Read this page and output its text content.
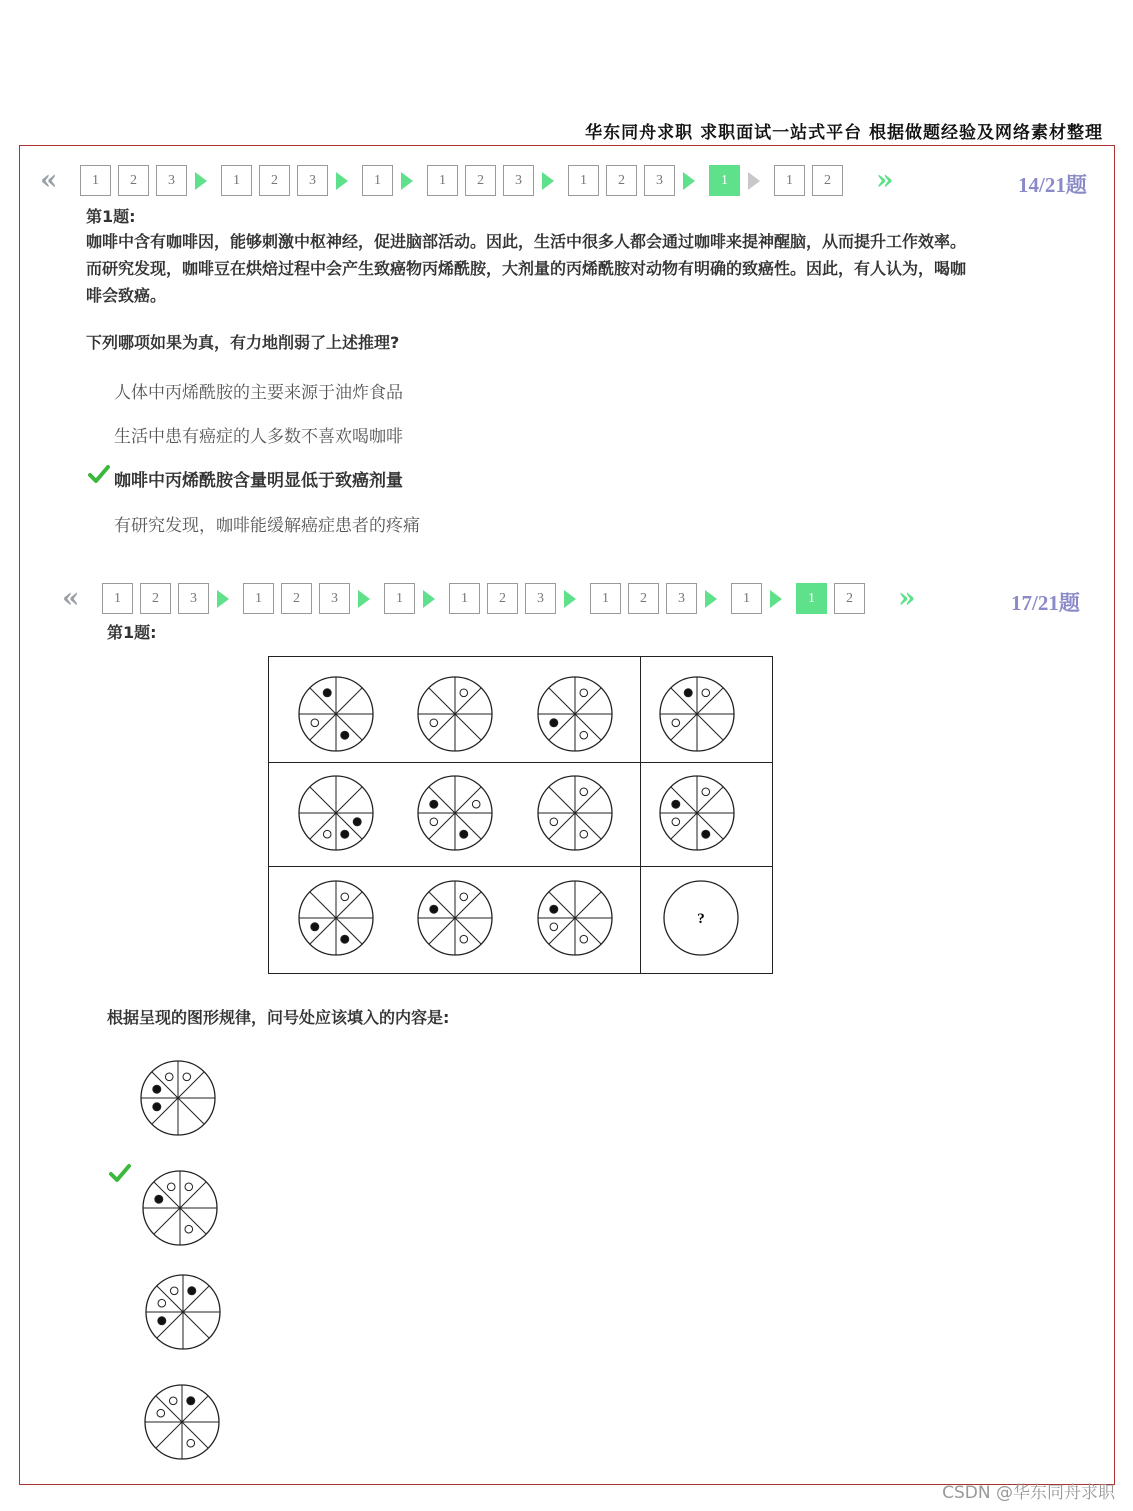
华东同舟求职 求职面试一站式平台 根据做题经验及网络素材整理
«	1	2	3	1	2	3	1	1	2	3	1	2	3	1	1	2	»	14/21题
第1题:
咖啡中含有咖啡因，能够刺激中枢神经，促进脑部活动。因此，生活中很多人都会通过咖啡来提神醒脑，从而提升工作效率。而研究发现，咖啡豆在烘焙过程中会产生致癌物丙烯酰胺，大剂量的丙烯酰胺对动物有明确的致癌性。因此，有人认为，喝咖啡会致癌。
下列哪项如果为真，有力地削弱了上述推理?
人体中丙烯酰胺的主要来源于油炸食品
生活中患有癌症的人多数不喜欢喝咖啡
咖啡中丙烯酰胺含量明显低于致癌剂量
有研究发现，咖啡能缓解癌症患者的疼痛
«	1	2	3	1	2	3	1	1	2	3	1	2	3	1	1	2	»	17/21题
第1题:
?
根据呈现的图形规律，问号处应该填入的内容是:
CSDN @华东同舟求职
